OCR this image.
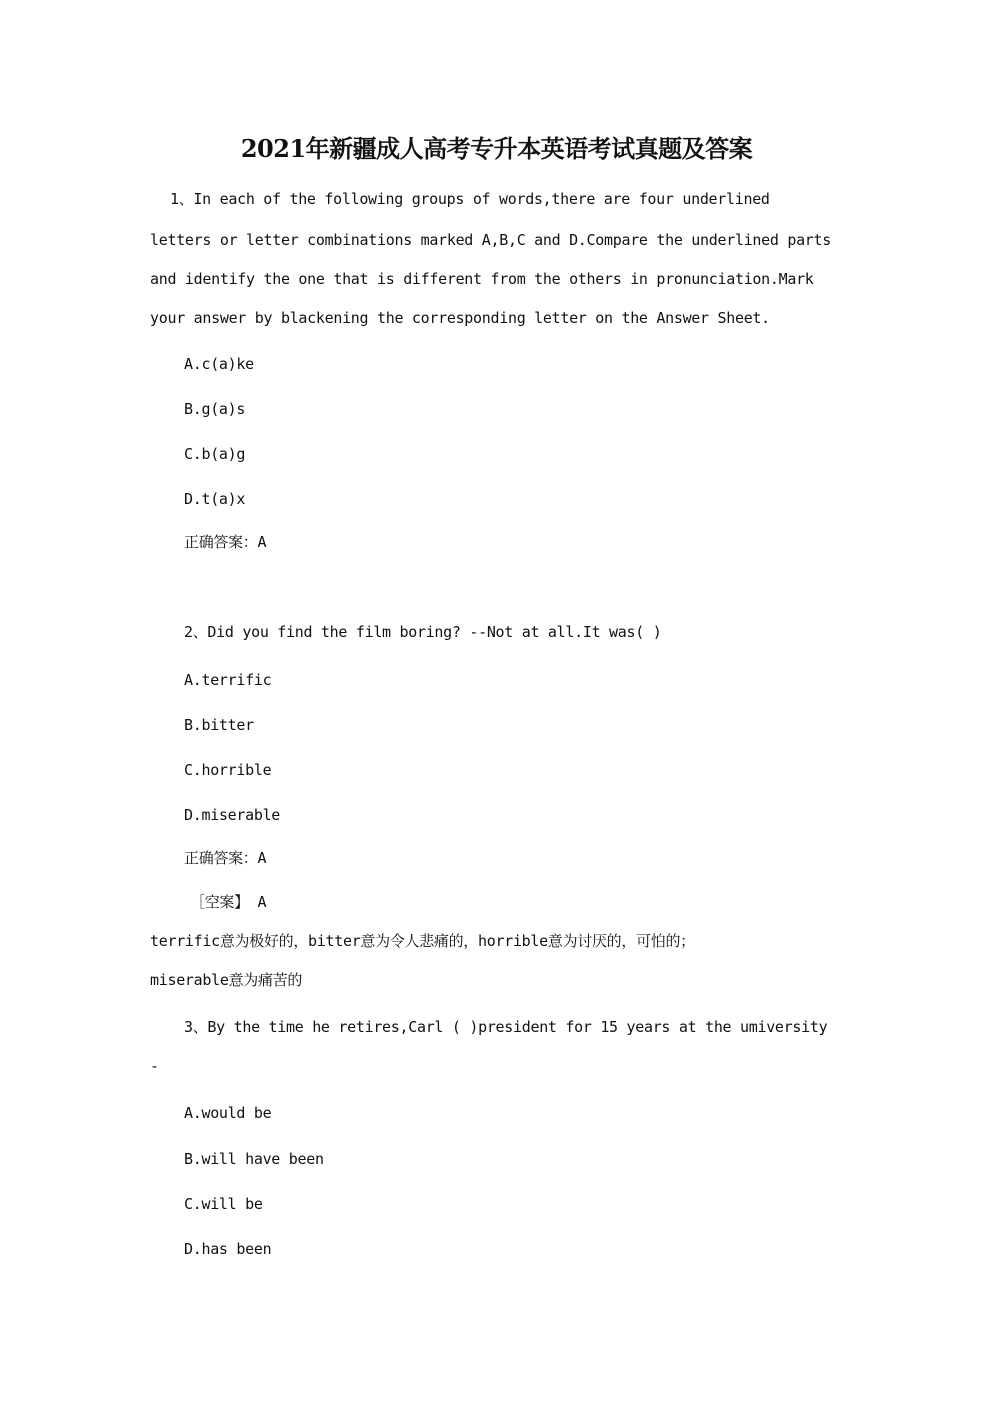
2021年新疆成人高考专升本英语考试真题及答案
1、In each of the following groups of words,there are four underlined
letters or letter combinations marked A,B,C and D.Compare the underlined parts
and identify the one that is different from the others in pronunciation.Mark
your answer by blackening the corresponding letter on the Answer Sheet.
A.c(a)ke
B.g(a)s
C.b(a)g
D.t(a)x
正确答案：A
2、Did you find the film boring? --Not at all.It was( )
A.terrific
B.bitter
C.horrible
D.miserable
正确答案：A
［空案】 A
terrific意为极好的，bitter意为令人悲痛的，horrible意为讨厌的，可怕的；
miserable意为痛苦的
3、By the time he retires,Carl ( )president for 15 years at the umiversity
-
A.would be
B.will have been
C.will be
D.has been
